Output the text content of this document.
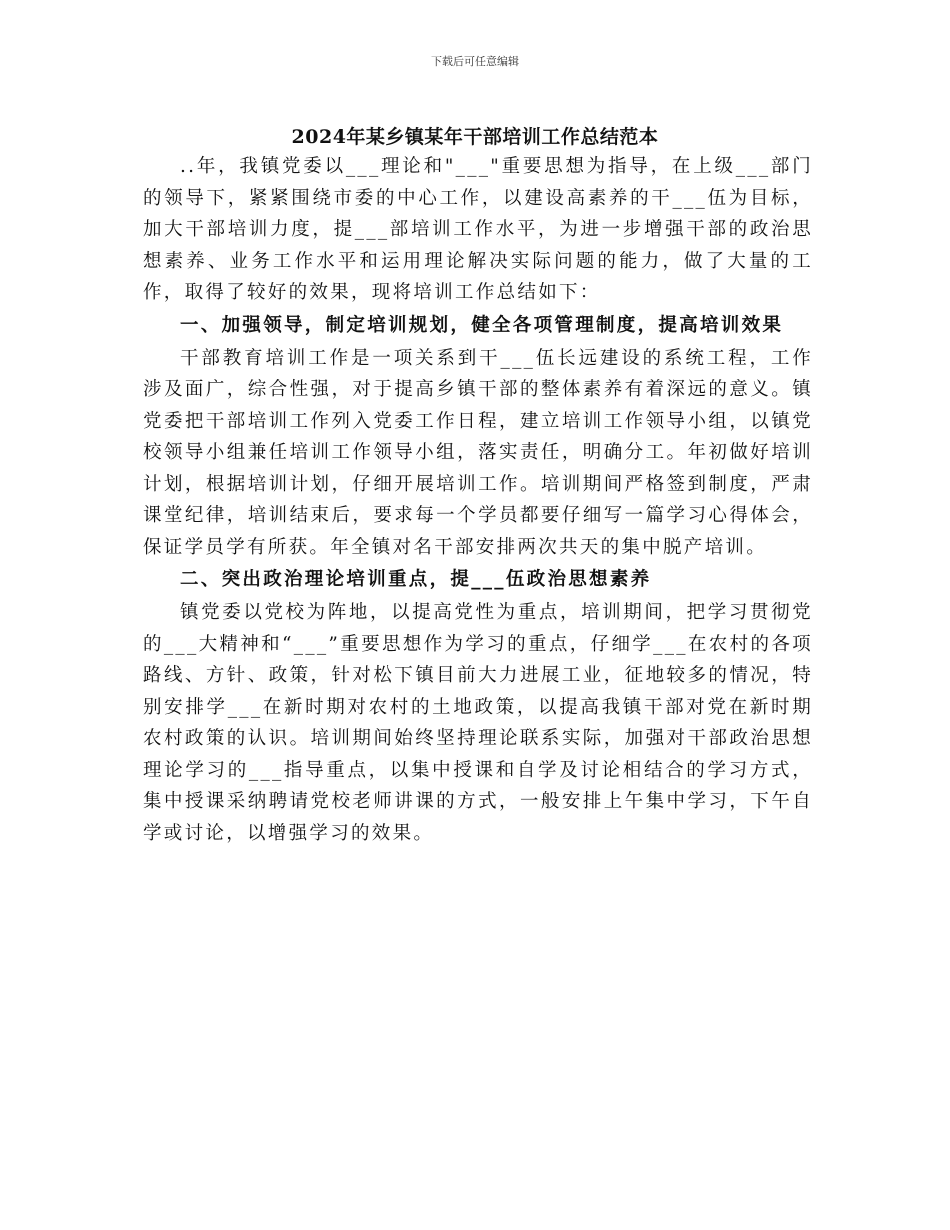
下载后可任意编辑
2024年某乡镇某年干部培训工作总结范本

..年，我镇党委以___理论和"___"重要思想为指导，在上级___部门的领导下，紧紧围绕市委的中心工作，以建设高素养的干___伍为目标，加大干部培训力度，提___部培训工作水平，为进一步增强干部的政治思想素养、业务工作水平和运用理论解决实际问题的能力，做了大量的工作，取得了较好的效果，现将培训工作总结如下：

一、加强领导，制定培训规划，健全各项管理制度，提高培训效果

干部教育培训工作是一项关系到干___伍长远建设的系统工程，工作涉及面广，综合性强，对于提高乡镇干部的整体素养有着深远的意义。镇党委把干部培训工作列入党委工作日程，建立培训工作领导小组，以镇党校领导小组兼任培训工作领导小组，落实责任，明确分工。年初做好培训计划，根据培训计划，仔细开展培训工作。培训期间严格签到制度，严肃课堂纪律，培训结束后，要求每一个学员都要仔细写一篇学习心得体会，保证学员学有所获。年全镇对名干部安排两次共天的集中脱产培训。

二、突出政治理论培训重点，提___伍政治思想素养

镇党委以党校为阵地，以提高党性为重点，培训期间，把学习贯彻党的___大精神和“___”重要思想作为学习的重点，仔细学___在农村的各项路线、方针、政策，针对松下镇目前大力进展工业，征地较多的情况，特别安排学___在新时期对农村的土地政策，以提高我镇干部对党在新时期农村政策的认识。培训期间始终坚持理论联系实际，加强对干部政治思想理论学习的___指导重点，以集中授课和自学及讨论相结合的学习方式，集中授课采纳聘请党校老师讲课的方式，一般安排上午集中学习，下午自学或讨论，以增强学习的效果。
